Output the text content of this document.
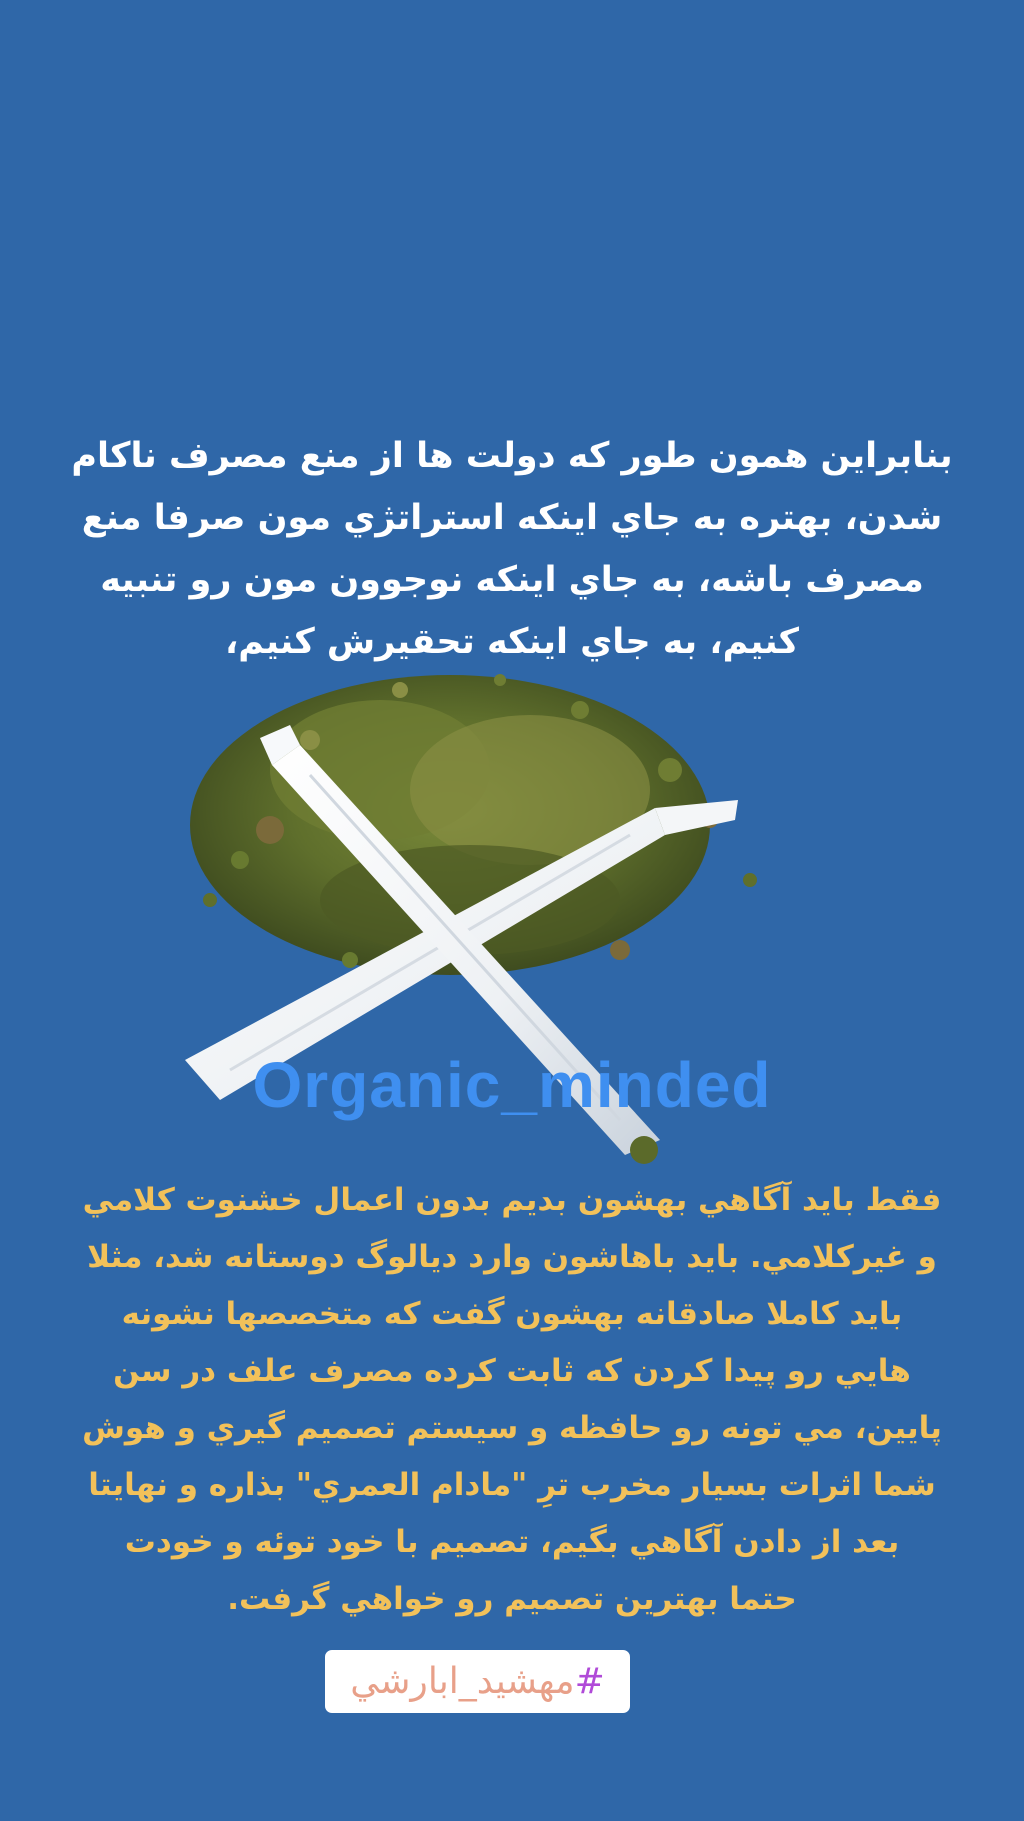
بنابراين همون طور كه دولت ها از منع مصرف ناكام
شدن، بهتره به جاي اينكه استراتژي مون صرفا منع
مصرف باشه، به جاي اينكه نوجوون مون رو تنبيه
كنيم، به جاي اينكه تحقيرش كنيم،
Organic_minded
فقط بايد آگاهي بهشون بديم بدون اعمال خشنوت كلامي
و غيركلامي. بايد باهاشون وارد ديالوگ دوستانه شد، مثلا
بايد كاملا صادقانه بهشون گفت كه متخصصها نشونه
هايي رو پيدا كردن كه ثابت كرده مصرف علف در سن
پايين، مي تونه رو حافظه و سيستم تصميم گيري و هوش
شما اثرات بسيار مخرب ترِ "مادام العمري" بذاره و نهايتا
بعد از دادن آگاهي بگيم، تصميم با خود توئه و خودت
حتما بهترين تصميم رو خواهي گرفت.
#مهشيد_ابارشي
